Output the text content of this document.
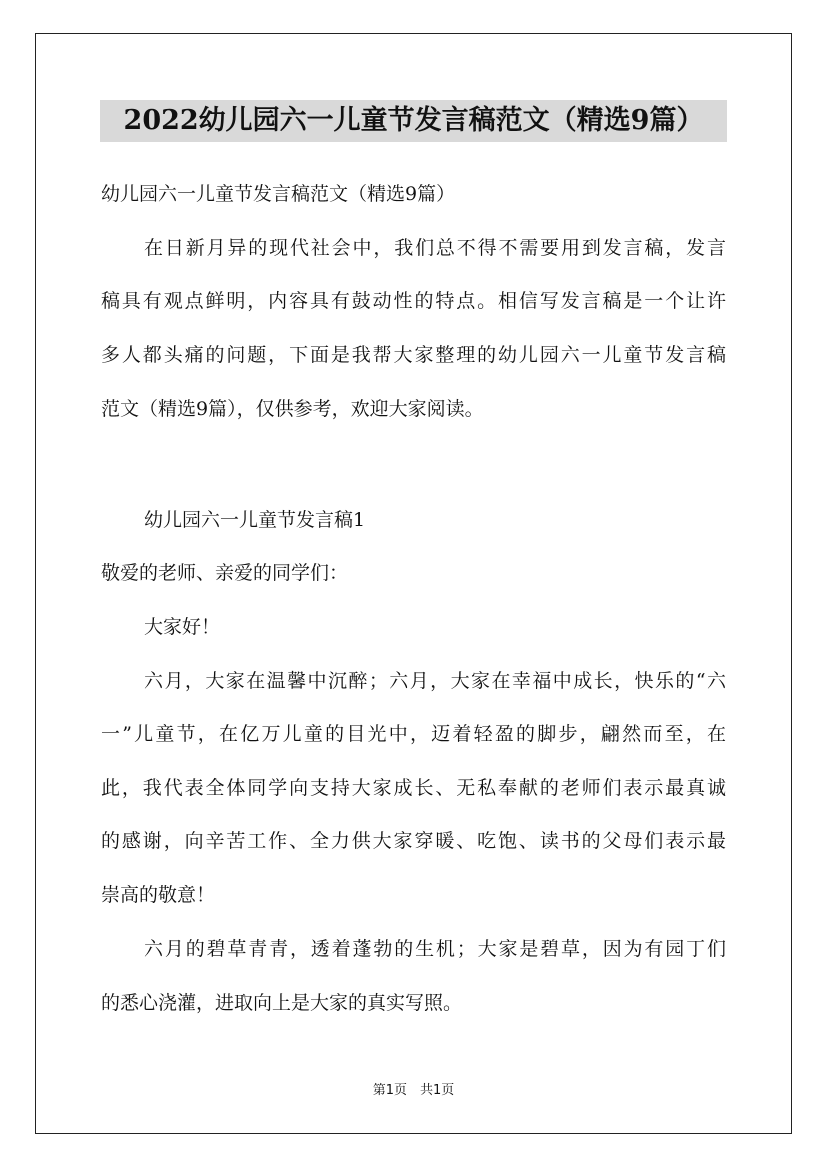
2022幼儿园六一儿童节发言稿范文（精选9篇）

幼儿园六一儿童节发言稿范文（精选9篇）

在日新月异的现代社会中，我们总不得不需要用到发言稿，发言

稿具有观点鲜明，内容具有鼓动性的特点。相信写发言稿是一个让许

多人都头痛的问题，下面是我帮大家整理的幼儿园六一儿童节发言稿

范文（精选9篇），仅供参考，欢迎大家阅读。

幼儿园六一儿童节发言稿1

敬爱的老师、亲爱的同学们：

大家好！

六月，大家在温馨中沉醉；六月，大家在幸福中成长，快乐的“六

一”儿童节，在亿万儿童的目光中，迈着轻盈的脚步，翩然而至，在

此，我代表全体同学向支持大家成长、无私奉献的老师们表示最真诚

的感谢，向辛苦工作、全力供大家穿暖、吃饱、读书的父母们表示最

崇高的敬意！

六月的碧草青青，透着蓬勃的生机；大家是碧草，因为有园丁们

的悉心浇灌，进取向上是大家的真实写照。

第1页　共1页
